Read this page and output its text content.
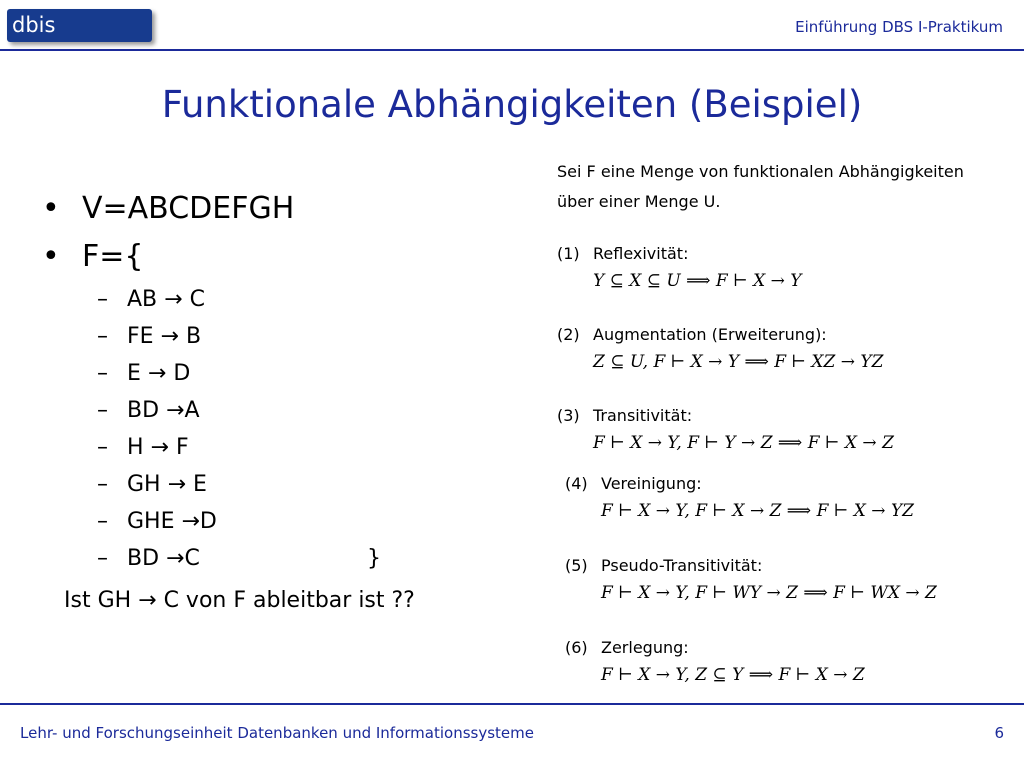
dbis	Einführung DBS I-Praktikum
Funktionale Abhängigkeiten (Beispiel)
• V=ABCDEFGH
• F={
– AB → C
– FE → B
– E → D
– BD →A
– H → F
– GH → E
– GHE →D
– BD →C	}
Ist GH → C von F ableitbar ist ??
Sei F eine Menge von funktionalen Abhängigkeiten
über einer Menge U.
(1) Reflexivität:
Y ⊆ X ⊆ U ⟹ F ⊢ X → Y
(2) Augmentation (Erweiterung):
Z ⊆ U, F ⊢ X → Y ⟹ F ⊢ XZ → YZ
(3) Transitivität:
F ⊢ X → Y, F ⊢ Y → Z ⟹ F ⊢ X → Z
(4) Vereinigung:
F ⊢ X → Y, F ⊢ X → Z ⟹ F ⊢ X → YZ
(5) Pseudo-Transitivität:
F ⊢ X → Y, F ⊢ WY → Z ⟹ F ⊢ WX → Z
(6) Zerlegung:
F ⊢ X → Y, Z ⊆ Y ⟹ F ⊢ X → Z
Lehr- und Forschungseinheit Datenbanken und Informationssysteme	6
